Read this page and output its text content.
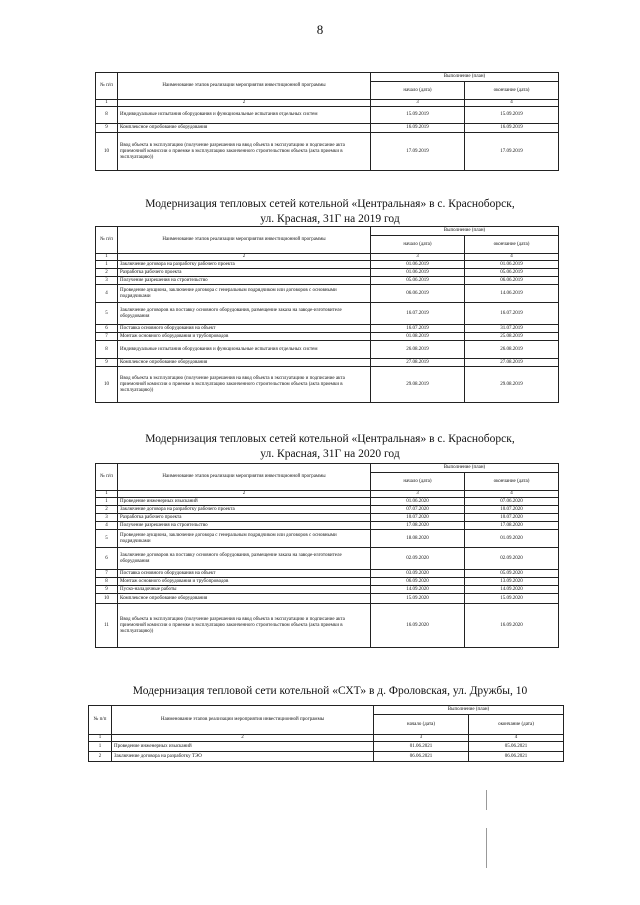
8
№ п/п	Наименование этапов реализации мероприятия инвестиционной программы	Выполнение (план)	
		начало (дата)	окончание (дата)
1	2	3	4
8	Индивидуальные испытания оборудования и функциональные испытания отдельных систем	15.09.2019	15.09.2019
9	Комплексное опробование оборудования	16.09.2019	16.09.2019
10	Ввод объекта в эксплуатацию (получение разрешения на ввод объекта в эксплуатацию и подписание акта приемочной комиссии о приемке в эксплуатацию законченного строительством объекта (акта приемки в эксплуатацию))	17.09.2019	17.09.2019
Модернизация тепловых сетей котельной «Центральная» в с. Красноборск,
ул. Красная, 31Г на 2019 год
№ п/п	Наименование этапов реализации мероприятия инвестиционной программы	Выполнение (план)	
		начало (дата)	окончание (дата)
1	2	3	4
1	Заключение договора на разработку рабочего проекта	01.06.2019	01.06.2019
2	Разработка рабочего проекта	01.06.2019	05.06.2019
3	Получение разрешения на строительство	05.06.2019	06.06.2019
4	Проведение аукциона, заключение договора с генеральным подрядчиком или договоров с основными подрядчиками	06.06.2019	14.06.2019
5	Заключение договоров на поставку основного оборудования, размещение заказа на заводе-изготовителе оборудования	16.07.2019	16.07.2019
6	Поставка основного оборудования на объект	16.07.2019	31.07.2019
7	Монтаж основного оборудования и трубопроводов	01.08.2019	25.08.2019
8	Индивидуальные испытания оборудования и функциональные испытания отдельных систем	26.08.2019	26.08.2019
9	Комплексное опробование оборудования	27.08.2019	27.08.2019
10	Ввод объекта в эксплуатацию (получение разрешения на ввод объекта в эксплуатацию и подписание акта приемочной комиссии о приемке в эксплуатацию законченного строительством объекта (акта приемки в эксплуатацию))	29.08.2019	29.08.2019
Модернизация тепловых сетей котельной «Центральная» в с. Красноборск,
ул. Красная, 31Г на 2020 год
№ п/п	Наименование этапов реализации мероприятия инвестиционной программы	Выполнение (план)	
		начало (дата)	окончание (дата)
1	2	3	4
1	Проведение инженерных изысканий	01.06.2020	07.06.2020
2	Заключение договора на разработку рабочего проекта	07.07.2020	10.07.2020
3	Разработка рабочего проекта	10.07.2020	10.07.2020
4	Получение разрешения на строительство	17.08.2020	17.08.2020
5	Проведение аукциона, заключение договора с генеральным подрядчиком или договоров с основными подрядчиками	18.08.2020	01.09.2020
6	Заключение договоров на поставку основного оборудования, размещение заказа на заводе-изготовителе оборудования	02.09.2020	02.09.2020
7	Поставка основного оборудования на объект	03.09.2020	05.09.2020
8	Монтаж основного оборудования и трубопроводов	06.09.2020	13.09.2020
9	Пуско-наладочные работы	14.09.2020	14.09.2020
10	Комплексное опробование оборудования	15.09.2020	15.09.2020
11	Ввод объекта в эксплуатацию (получение разрешения на ввод объекта в эксплуатацию и подписание акта приемочной комиссии о приемке в эксплуатацию законченного строительством объекта (акта приемки в эксплуатацию))	16.09.2020	16.09.2020
Модернизация тепловой сети котельной «СХТ» в д. Фроловская, ул. Дружбы, 10
№ п/п	Наименование этапов реализации мероприятия инвестиционной программы	Выполнение (план)	
		начало (дата)	окончание (дата)
1	2	3	4
1	Проведение инженерных изысканий	01.06.2021	05.06.2021
2	Заключение договора на разработку ТЭО	06.06.2021	06.06.2021
